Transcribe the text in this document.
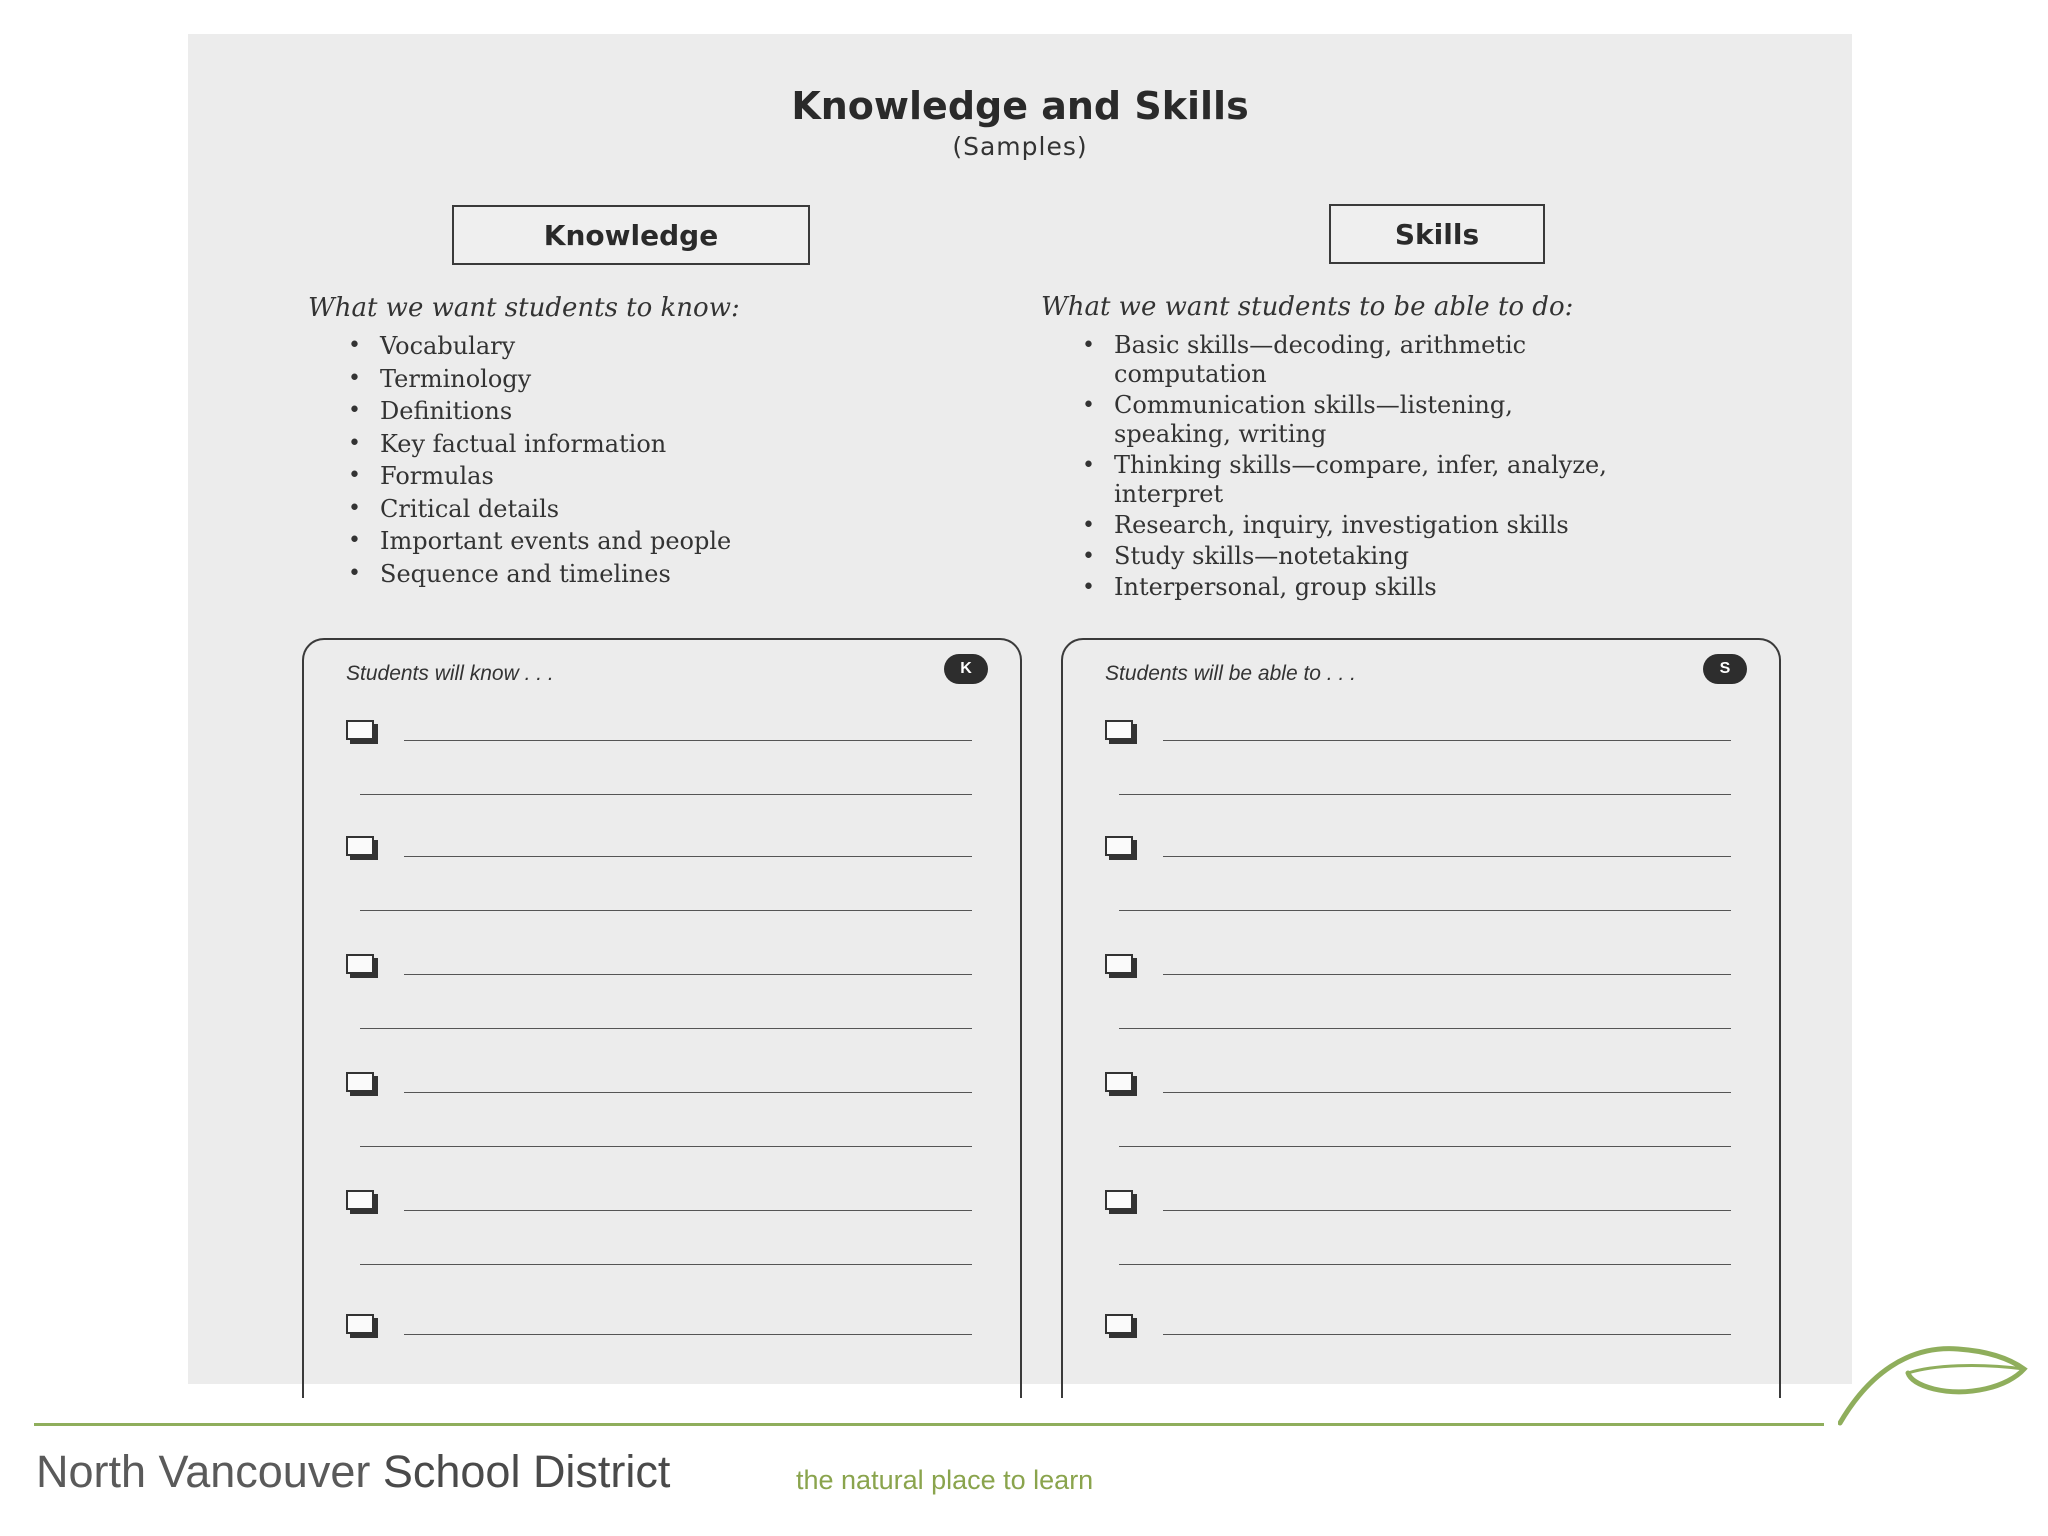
Knowledge and Skills
(Samples)
Knowledge	Skills
What we want students to know:	What we want students to be able to do:
• Vocabulary
• Terminology
• Definitions
• Key factual information
• Formulas
• Critical details
• Important events and people
• Sequence and timelines
• Basic skills—decoding, arithmetic
computation
• Communication skills—listening,
speaking, writing
• Thinking skills—compare, infer, analyze,
interpret
• Research, inquiry, investigation skills
• Study skills—notetaking
• Interpersonal, group skills
Students will know . . .	K	Students will be able to . . .	S
North Vancouver School District	the natural place to learn
